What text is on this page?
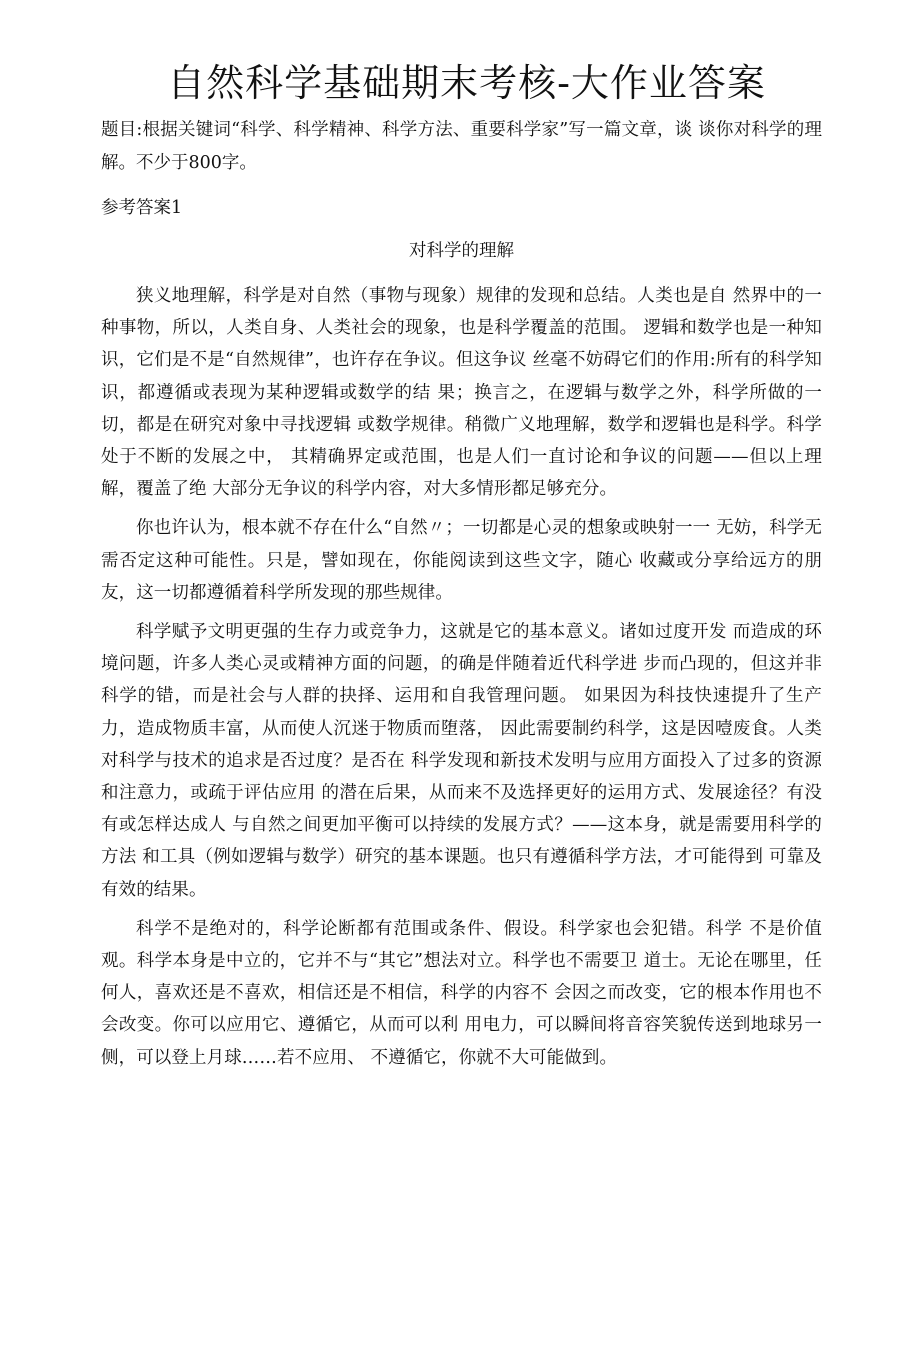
自然科学基础期末考核-大作业答案

题目:根据关键词“科学、科学精神、科学方法、重要科学家”写一篇文章，谈 谈你对科学的理解。不少于800字。

参考答案1

对科学的理解

狭义地理解，科学是对自然（事物与现象）规律的发现和总结。人类也是自 然界中的一种事物，所以，人类自身、人类社会的现象，也是科学覆盖的范围。 逻辑和数学也是一种知识，它们是不是“自然规律”，也许存在争议。但这争议 丝毫不妨碍它们的作用:所有的科学知识，都遵循或表现为某种逻辑或数学的结 果；换言之，在逻辑与数学之外，科学所做的一切，都是在研究对象中寻找逻辑 或数学规律。稍微广义地理解，数学和逻辑也是科学。科学处于不断的发展之中， 其精确界定或范围，也是人们一直讨论和争议的问题——但以上理解，覆盖了绝 大部分无争议的科学内容，对大多情形都足够充分。

你也许认为，根本就不存在什么“自然〃；一切都是心灵的想象或映射一一 无妨，科学无需否定这种可能性。只是，譬如现在，你能阅读到这些文字，随心 收藏或分享给远方的朋友，这一切都遵循着科学所发现的那些规律。

科学赋予文明更强的生存力或竞争力，这就是它的基本意义。诸如过度开发 而造成的环境问题，许多人类心灵或精神方面的问题，的确是伴随着近代科学进 步而凸现的，但这并非科学的错，而是社会与人群的抉择、运用和自我管理问题。 如果因为科技快速提升了生产力，造成物质丰富，从而使人沉迷于物质而堕落， 因此需要制约科学，这是因噎废食。人类对科学与技术的追求是否过度？是否在 科学发现和新技术发明与应用方面投入了过多的资源和注意力，或疏于评估应用 的潜在后果，从而来不及选择更好的运用方式、发展途径？有没有或怎样达成人 与自然之间更加平衡可以持续的发展方式？——这本身，就是需要用科学的方法 和工具（例如逻辑与数学）研究的基本课题。也只有遵循科学方法，才可能得到 可靠及有效的结果。

科学不是绝对的，科学论断都有范围或条件、假设。科学家也会犯错。科学 不是价值观。科学本身是中立的，它并不与“其它”想法对立。科学也不需要卫 道士。无论在哪里，任何人，喜欢还是不喜欢，相信还是不相信，科学的内容不 会因之而改变，它的根本作用也不会改变。你可以应用它、遵循它，从而可以利 用电力，可以瞬间将音容笑貌传送到地球另一侧，可以登上月球……若不应用、 不遵循它，你就不大可能做到。
